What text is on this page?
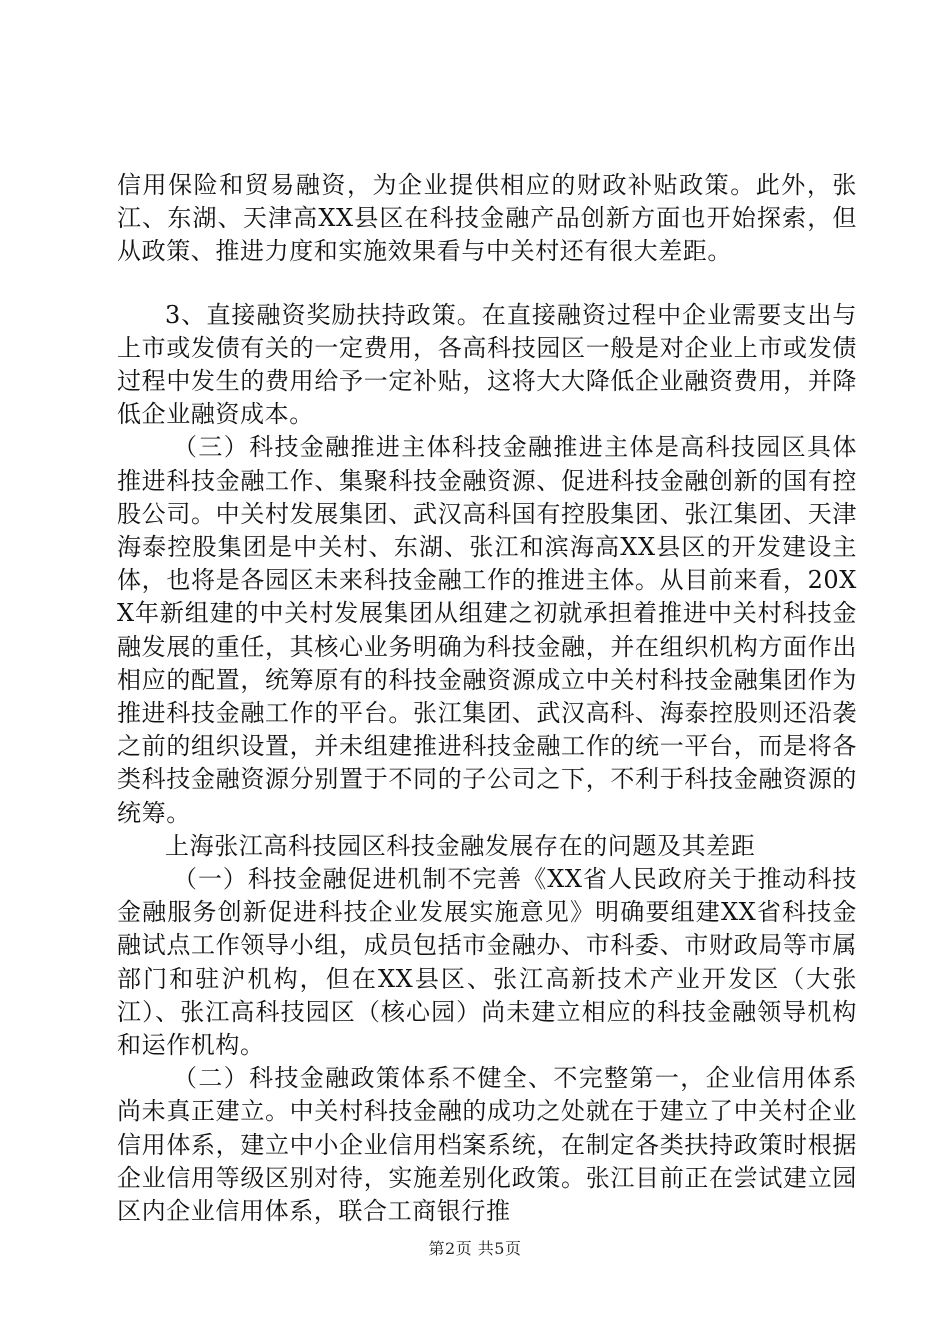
信用保险和贸易融资，为企业提供相应的财政补贴政策。此外，张江、东湖、天津高XX县区在科技金融产品创新方面也开始探索，但从政策、推进力度和实施效果看与中关村还有很大差距。

3、直接融资奖励扶持政策。在直接融资过程中企业需要支出与上市或发债有关的一定费用，各高科技园区一般是对企业上市或发债过程中发生的费用给予一定补贴，这将大大降低企业融资费用，并降低企业融资成本。

（三）科技金融推进主体科技金融推进主体是高科技园区具体推进科技金融工作、集聚科技金融资源、促进科技金融创新的国有控股公司。中关村发展集团、武汉高科国有控股集团、张江集团、天津海泰控股集团是中关村、东湖、张江和滨海高XX县区的开发建设主体，也将是各园区未来科技金融工作的推进主体。从目前来看，20XX年新组建的中关村发展集团从组建之初就承担着推进中关村科技金融发展的重任，其核心业务明确为科技金融，并在组织机构方面作出相应的配置，统筹原有的科技金融资源成立中关村科技金融集团作为推进科技金融工作的平台。张江集团、武汉高科、海泰控股则还沿袭之前的组织设置，并未组建推进科技金融工作的统一平台，而是将各类科技金融资源分别置于不同的子公司之下，不利于科技金融资源的统筹。

上海张江高科技园区科技金融发展存在的问题及其差距

（一）科技金融促进机制不完善《XX省人民政府关于推动科技金融服务创新促进科技企业发展实施意见》明确要组建XX省科技金融试点工作领导小组，成员包括市金融办、市科委、市财政局等市属部门和驻沪机构，但在XX县区、张江高新技术产业开发区（大张江）、张江高科技园区（核心园）尚未建立相应的科技金融领导机构和运作机构。

（二）科技金融政策体系不健全、不完整第一，企业信用体系尚未真正建立。中关村科技金融的成功之处就在于建立了中关村企业信用体系，建立中小企业信用档案系统，在制定各类扶持政策时根据企业信用等级区别对待，实施差别化政策。张江目前正在尝试建立园区内企业信用体系，联合工商银行推

第2页 共5页
